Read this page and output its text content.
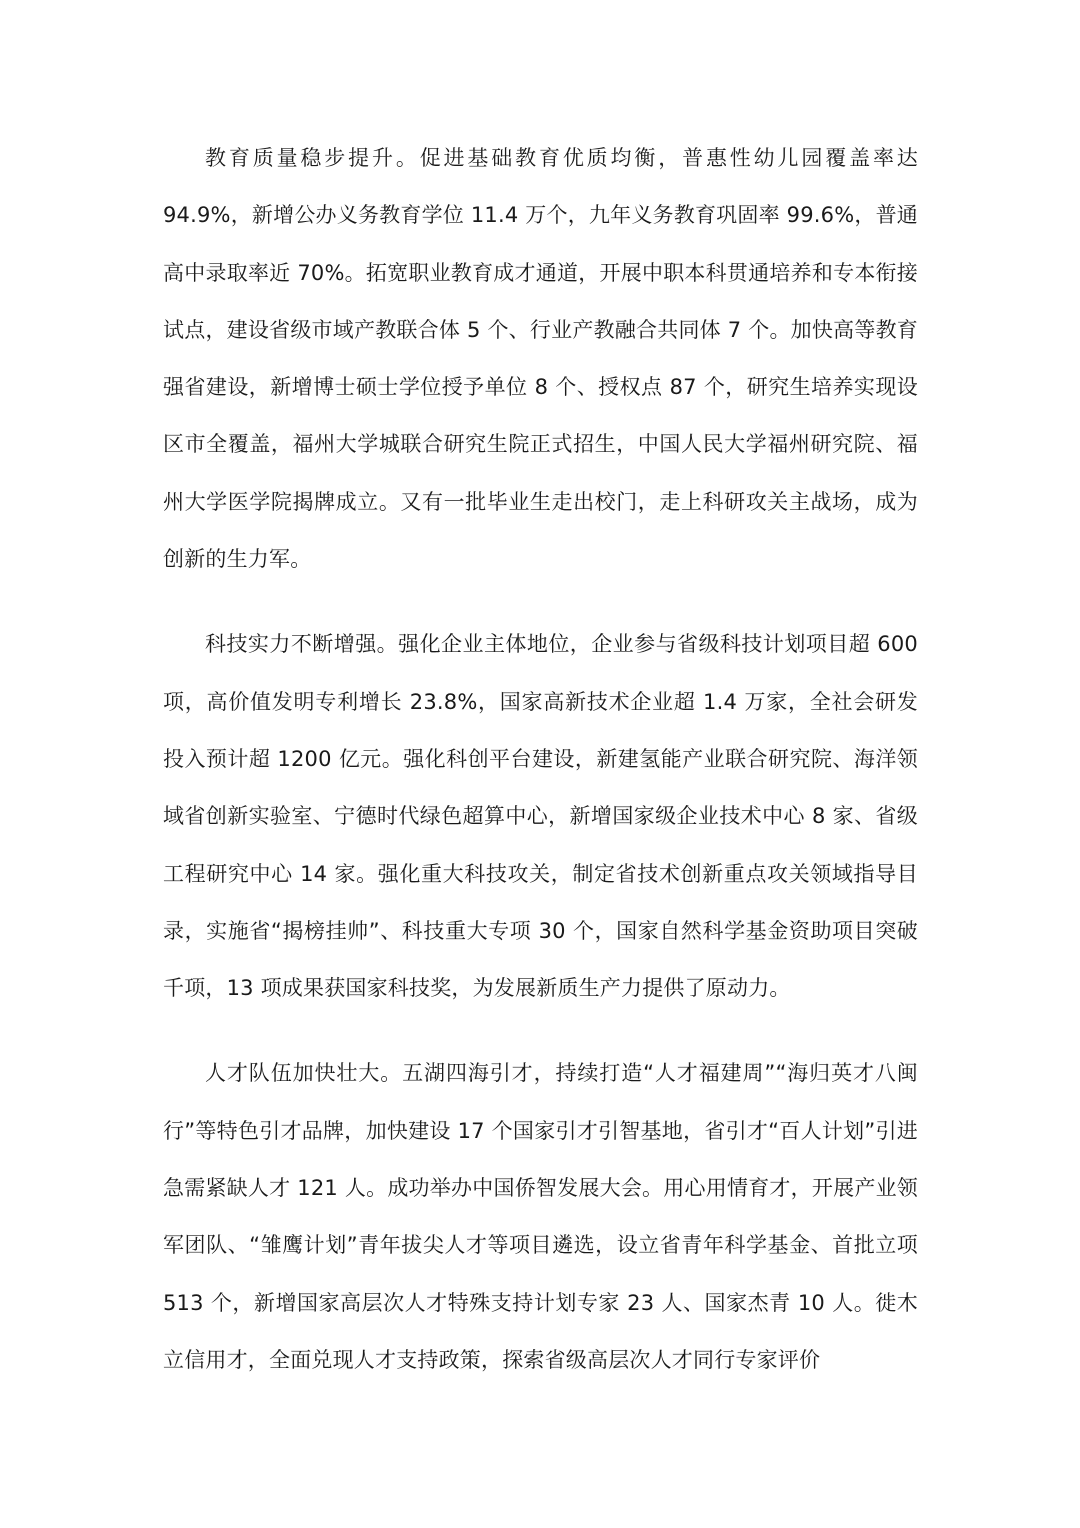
教育质量稳步提升。促进基础教育优质均衡，普惠性幼儿园覆盖率达 94.9%，新增公办义务教育学位 11.4 万个，九年义务教育巩固率 99.6%，普通高中录取率近 70%。拓宽职业教育成才通道，开展中职本科贯通培养和专本衔接试点，建设省级市域产教联合体 5 个、行业产教融合共同体 7 个。加快高等教育强省建设，新增博士硕士学位授予单位 8 个、授权点 87 个，研究生培养实现设区市全覆盖，福州大学城联合研究生院正式招生，中国人民大学福州研究院、福州大学医学院揭牌成立。又有一批毕业生走出校门，走上科研攻关主战场，成为创新的生力军。

科技实力不断增强。强化企业主体地位，企业参与省级科技计划项目超 600 项，高价值发明专利增长 23.8%，国家高新技术企业超 1.4 万家，全社会研发投入预计超 1200 亿元。强化科创平台建设，新建氢能产业联合研究院、海洋领域省创新实验室、宁德时代绿色超算中心，新增国家级企业技术中心 8 家、省级工程研究中心 14 家。强化重大科技攻关，制定省技术创新重点攻关领域指导目录，实施省“揭榜挂帅”、科技重大专项 30 个，国家自然科学基金资助项目突破千项，13 项成果获国家科技奖，为发展新质生产力提供了原动力。

人才队伍加快壮大。五湖四海引才，持续打造“人才福建周”“海归英才八闽行”等特色引才品牌，加快建设 17 个国家引才引智基地，省引才“百人计划”引进急需紧缺人才 121 人。成功举办中国侨智发展大会。用心用情育才，开展产业领军团队、“雏鹰计划”青年拔尖人才等项目遴选，设立省青年科学基金、首批立项 513 个，新增国家高层次人才特殊支持计划专家 23 人、国家杰青 10 人。徙木立信用才，全面兑现人才支持政策，探索省级高层次人才同行专家评价
